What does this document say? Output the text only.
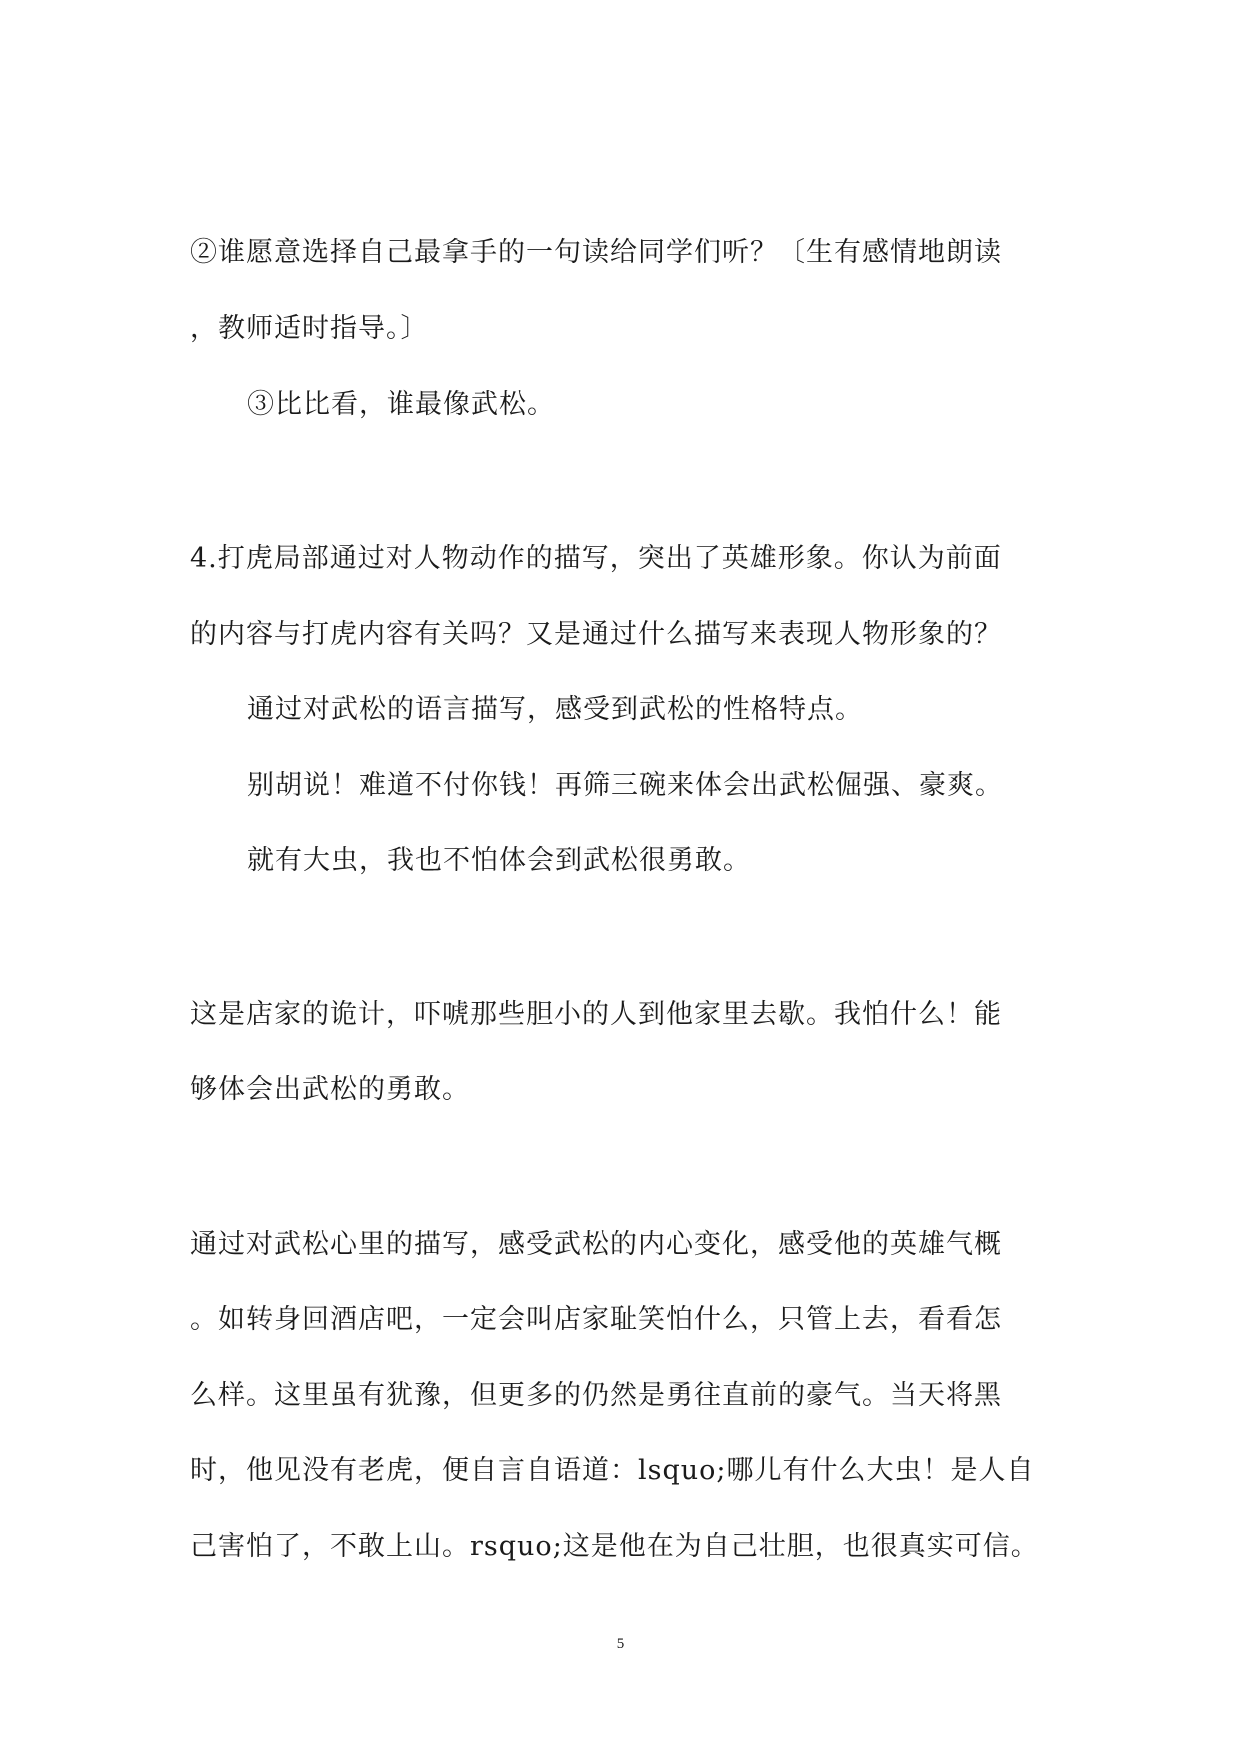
②谁愿意选择自己最拿手的一句读给同学们听？〔生有感情地朗读
，教师适时指导。〕
③比比看，谁最像武松。
4.打虎局部通过对人物动作的描写，突出了英雄形象。你认为前面
的内容与打虎内容有关吗？又是通过什么描写来表现人物形象的？
通过对武松的语言描写，感受到武松的性格特点。
别胡说！难道不付你钱！再筛三碗来体会出武松倔强、豪爽。
就有大虫，我也不怕体会到武松很勇敢。
这是店家的诡计，吓唬那些胆小的人到他家里去歇。我怕什么！能
够体会出武松的勇敢。
通过对武松心里的描写，感受武松的内心变化，感受他的英雄气概
。如转身回酒店吧，一定会叫店家耻笑怕什么，只管上去，看看怎
么样。这里虽有犹豫，但更多的仍然是勇往直前的豪气。当天将黑
时，他见没有老虎，便自言自语道：lsquo;哪儿有什么大虫！是人自
己害怕了，不敢上山。rsquo;这是他在为自己壮胆，也很真实可信。
5
